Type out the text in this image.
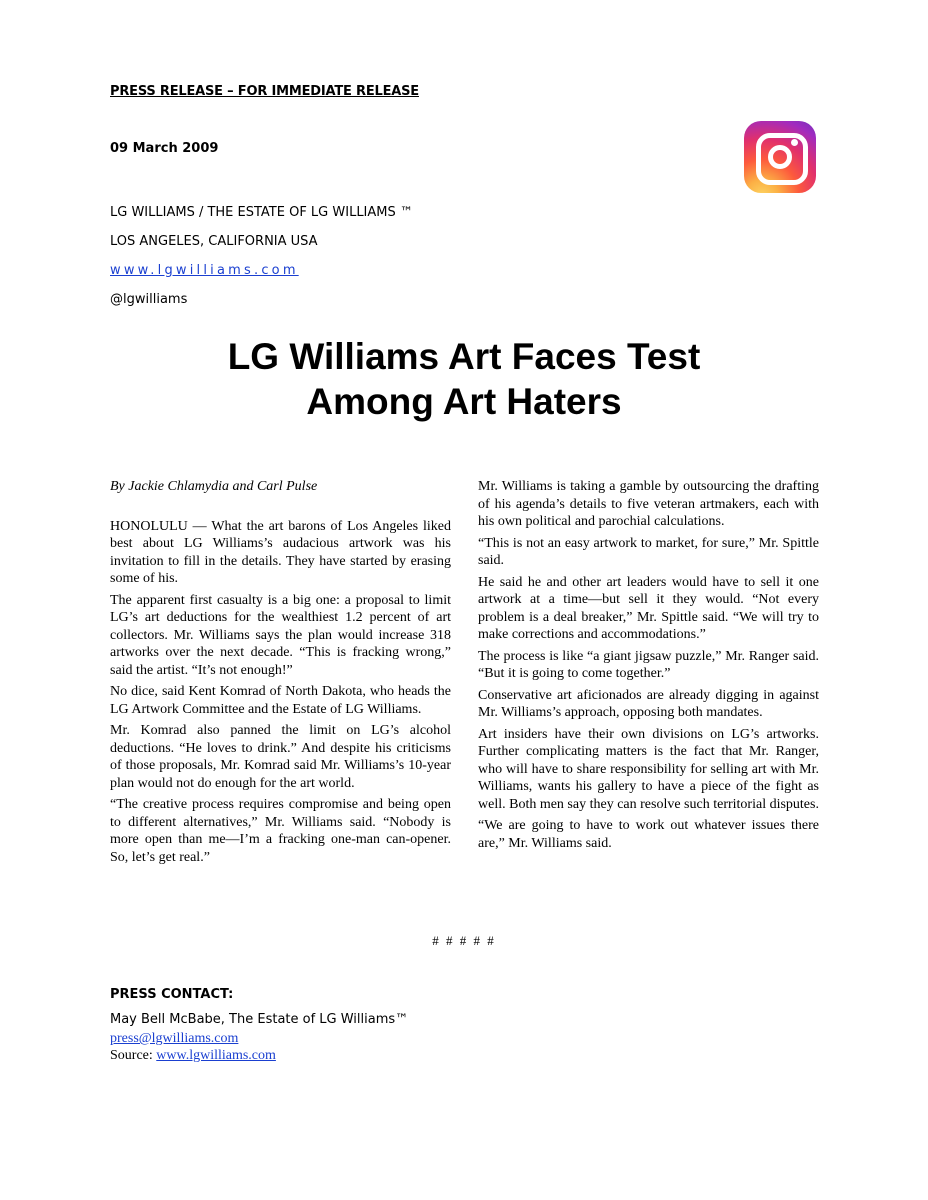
PRESS RELEASE – FOR IMMEDIATE RELEASE
09 March 2009
LG WILLIAMS / THE ESTATE OF LG WILLIAMS ™
LOS ANGELES, CALIFORNIA USA
www.lgwilliams.com
@lgwilliams
LG Williams Art Faces Test
Among Art Haters
By Jackie Chlamydia and Carl Pulse

HONOLULU — What the art barons of Los Angeles liked best about LG Williams’s audacious artwork was his invitation to fill in the details. They have started by erasing some of his.

The apparent first casualty is a big one: a proposal to limit LG’s art deductions for the wealthiest 1.2 percent of art collectors. Mr. Williams says the plan would increase 318 artworks over the next decade. “This is fracking wrong,” said the artist. “It’s not enough!”

No dice, said Kent Komrad of North Dakota, who heads the LG Artwork Committee and the Estate of LG Williams.

Mr. Komrad also panned the limit on LG’s alcohol deductions. “He loves to drink.” And despite his criticisms of those proposals, Mr. Komrad said Mr. Williams’s 10-year plan would not do enough for the art world.

“The creative process requires compromise and being open to different alternatives,” Mr. Williams said. “Nobody is more open than me—I’m a fracking one-man can-opener. So, let’s get real.”

Mr. Williams is taking a gamble by outsourcing the drafting of his agenda’s details to five veteran artmakers, each with his own political and parochial calculations.

“This is not an easy artwork to market, for sure,” Mr. Spittle said.

He said he and other art leaders would have to sell it one artwork at a time—but sell it they would. “Not every problem is a deal breaker,” Mr. Spittle said. “We will try to make corrections and accommodations.”

The process is like “a giant jigsaw puzzle,” Mr. Ranger said. “But it is going to come together.”

Conservative art aficionados are already digging in against Mr. Williams’s approach, opposing both mandates.

Art insiders have their own divisions on LG’s artworks. Further complicating matters is the fact that Mr. Ranger, who will have to share responsibility for selling art with Mr. Williams, wants his gallery to have a piece of the fight as well. Both men say they can resolve such territorial disputes.

“We are going to have to work out whatever issues there are,” Mr. Williams said.

# # # # #
PRESS CONTACT:
May Bell McBabe, The Estate of LG Williams™
press@lgwilliams.com
Source: www.lgwilliams.com
